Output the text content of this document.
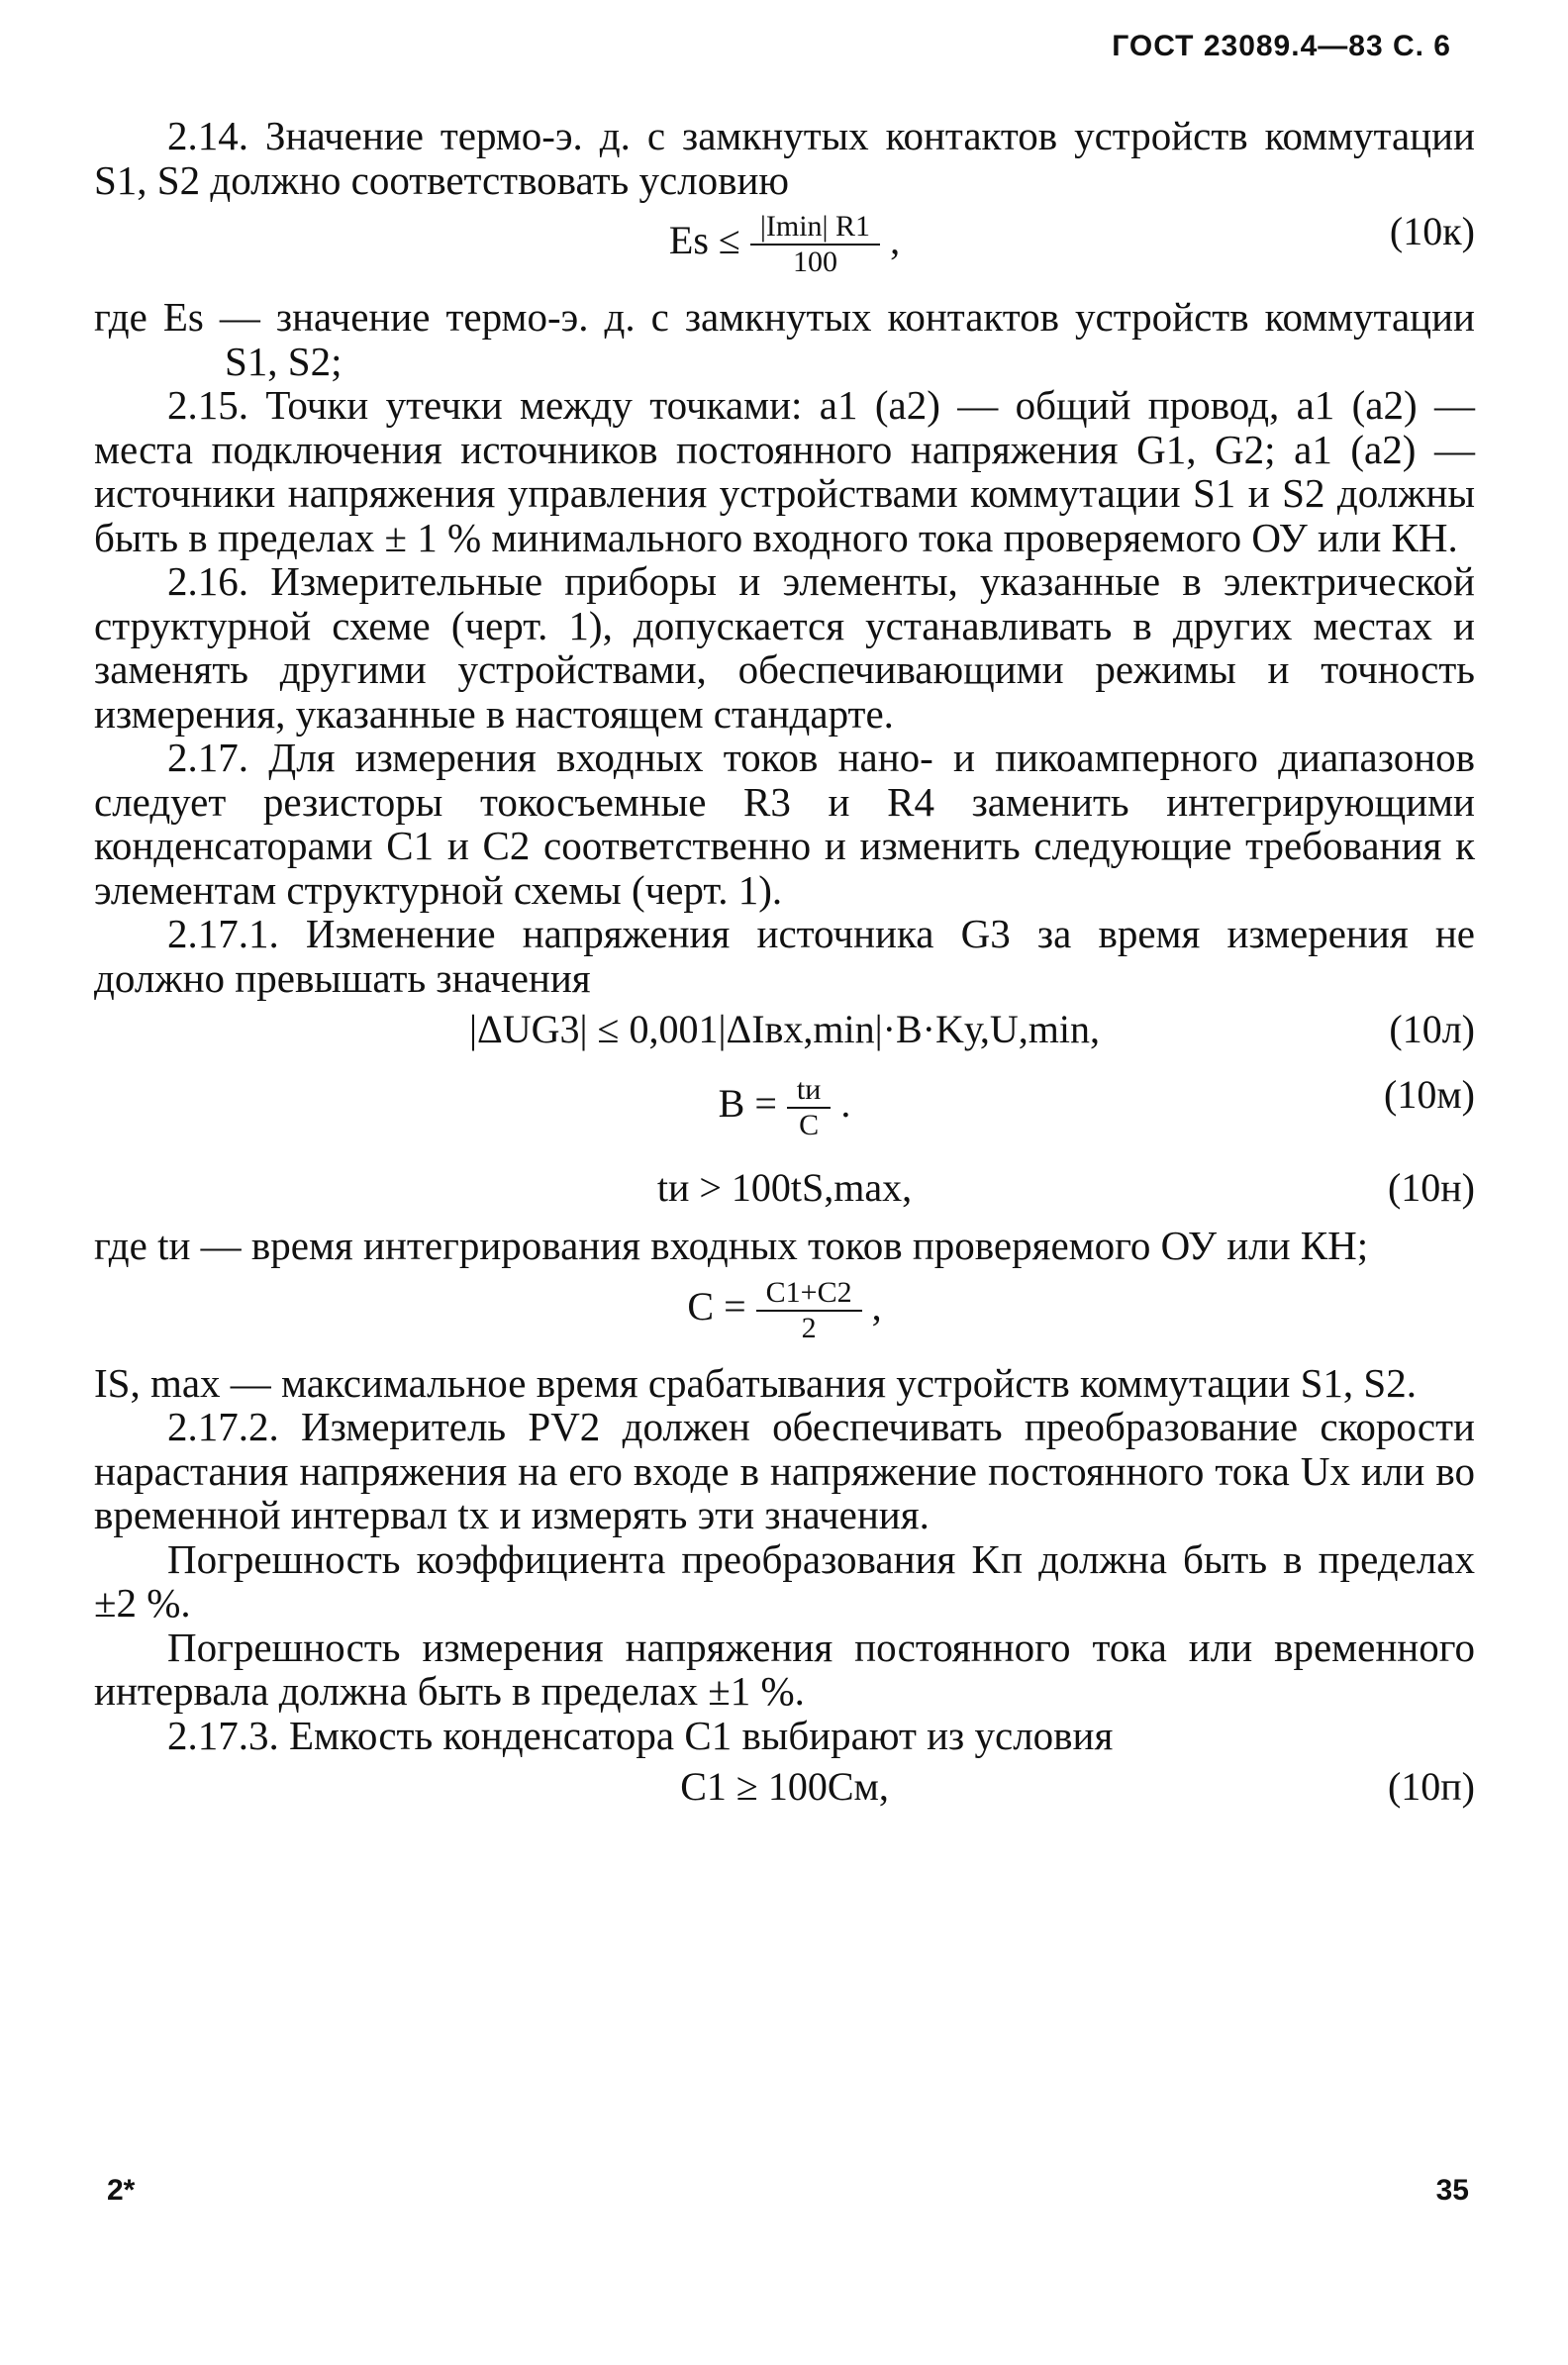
ГОСТ 23089.4—83 С. 6

2.14. Значение термо-э. д. с замкнутых контактов устройств коммутации S1, S2 должно соответствовать условию

$Es \le \frac{|Imin| R1}{100}$ ,	(10к)

где Es — значение термо-э. д. с замкнутых контактов устройств коммутации S1, S2;

2.15. Точки утечки между точками: a1 (a2) — общий провод, a1 (a2) — места подключения источников постоянного напряжения G1, G2; a1 (a2) — источники напряжения управления устройствами коммутации S1 и S2 должны быть в пределах ± 1 % минимального входного тока проверяемого ОУ или КН.

2.16. Измерительные приборы и элементы, указанные в электрической структурной схеме (черт. 1), допускается устанавливать в других местах и заменять другими устройствами, обеспечивающими режимы и точность измерения, указанные в настоящем стандарте.

2.17. Для измерения входных токов нано- и пикоамперного диапазонов следует резисторы токосъемные R3 и R4 заменить интегрирующими конденсаторами C1 и C2 соответственно и изменить следующие требования к элементам структурной схемы (черт. 1).

2.17.1. Изменение напряжения источника G3 за время измерения не должно превышать значения

|ΔUG3| ≤ 0,001|ΔIвх,min|·B·Kу,U,min,	(10л)
$B = \frac{tи}{C}$ .	(10м)
tи > 100tS,max,	(10н)

где tи — время интегрирования входных токов проверяемого ОУ или КН;

$C = \frac{C1+C2}{2}$ ,

IS, max — максимальное время срабатывания устройств коммутации S1, S2.

2.17.2. Измеритель PV2 должен обеспечивать преобразование скорости нарастания напряжения на его входе в напряжение постоянного тока Ux или во временной интервал tx и измерять эти значения.

Погрешность коэффициента преобразования Kп должна быть в пределах ±2 %.

Погрешность измерения напряжения постоянного тока или временного интервала должна быть в пределах ±1 %.

2.17.3. Емкость конденсатора C1 выбирают из условия

C1 ≥ 100Cм,	(10п)
2*	35
